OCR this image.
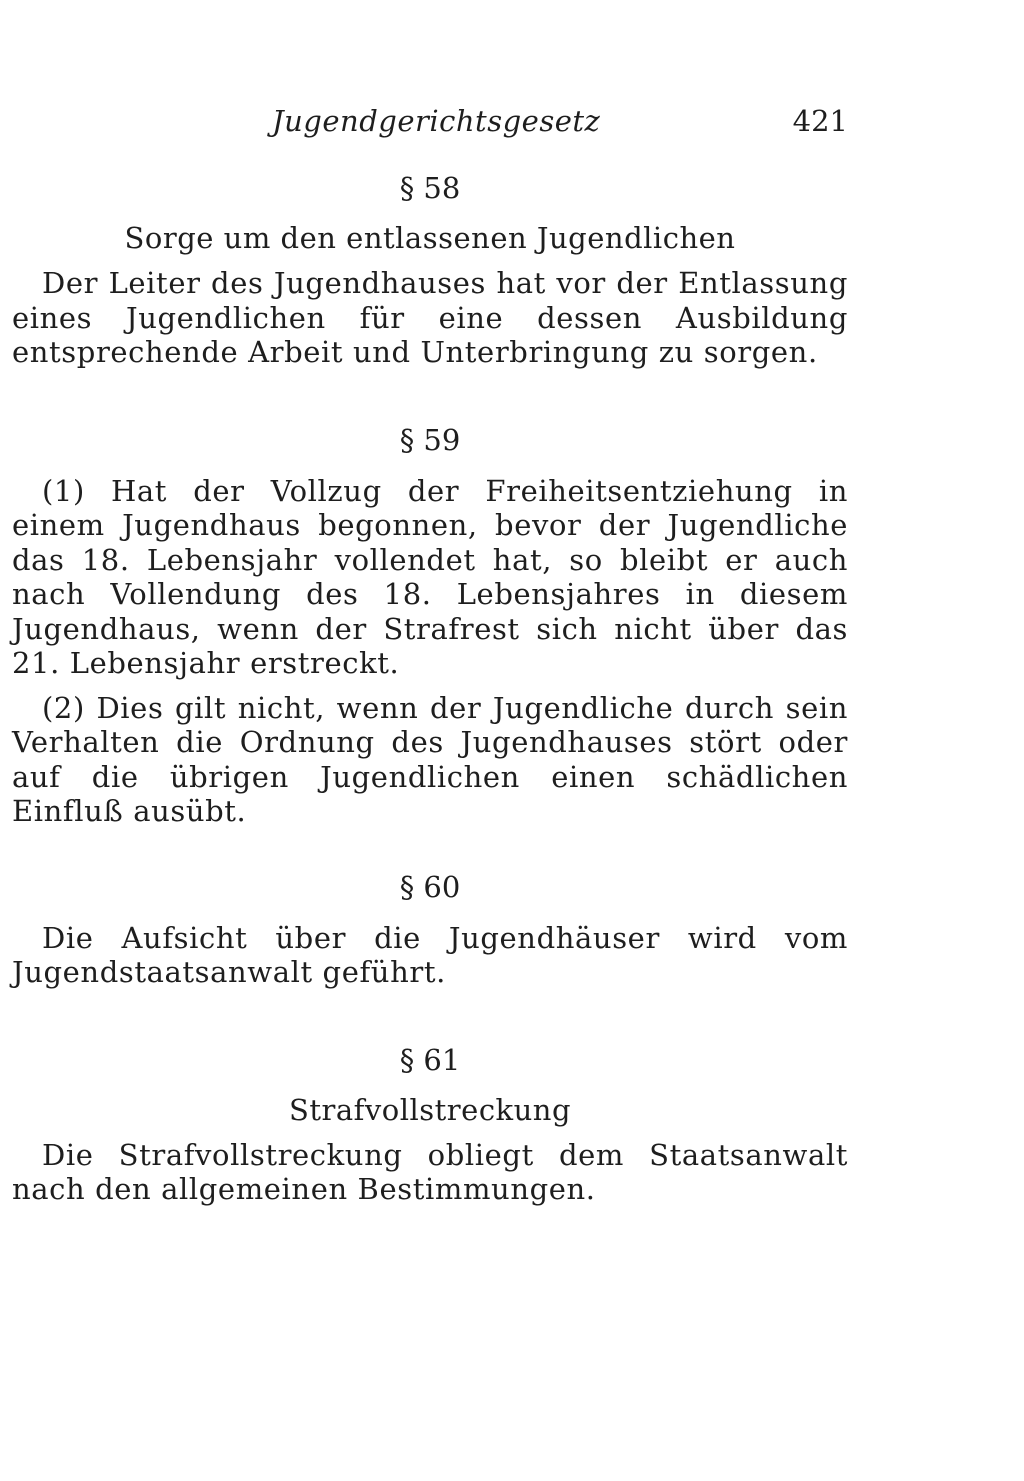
Jugendgerichtsgesetz	421

§ 58

Sorge um den entlassenen Jugendlichen

Der Leiter des Jugendhauses hat vor der Entlassung eines Jugendlichen für eine dessen Ausbildung entsprechende Arbeit und Unterbringung zu sorgen.

§ 59

(1) Hat der Vollzug der Freiheitsentziehung in einem Jugendhaus begonnen, bevor der Jugendliche das 18. Lebensjahr vollendet hat, so bleibt er auch nach Vollendung des 18. Lebensjahres in diesem Jugendhaus, wenn der Strafrest sich nicht über das 21. Lebensjahr erstreckt.

(2) Dies gilt nicht, wenn der Jugendliche durch sein Verhalten die Ordnung des Jugendhauses stört oder auf die übrigen Jugendlichen einen schädlichen Einfluß ausübt.

§ 60

Die Aufsicht über die Jugendhäuser wird vom Jugendstaatsanwalt geführt.

§ 61

Strafvollstreckung

Die Strafvollstreckung obliegt dem Staatsanwalt nach den allgemeinen Bestimmungen.
